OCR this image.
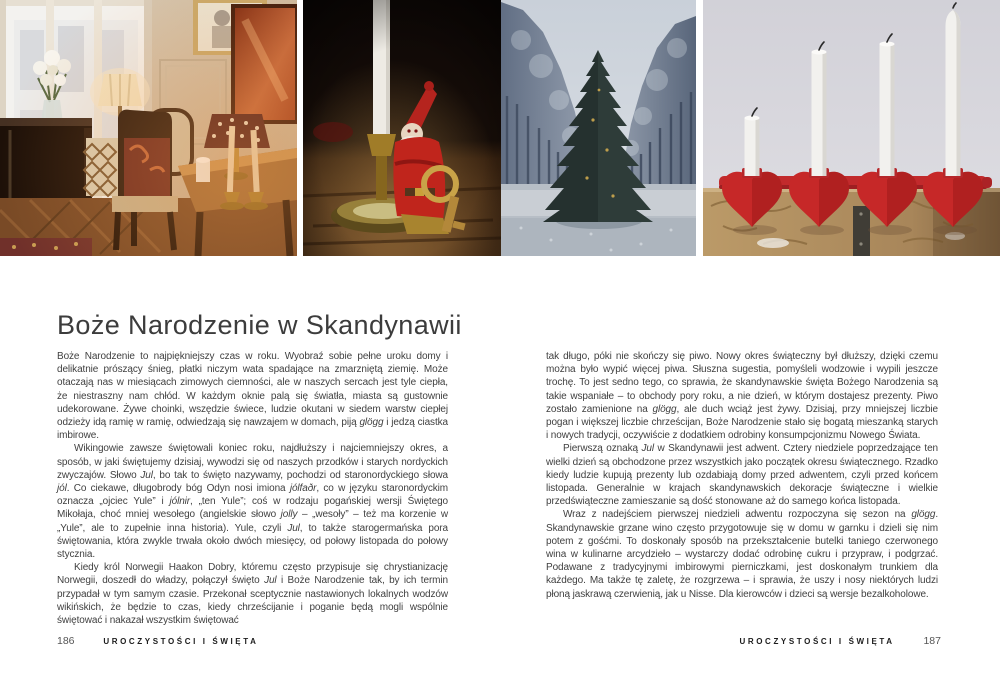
Boże Narodzenie w Skandynawii

Boże Narodzenie to najpiękniejszy czas w roku. Wyobraź sobie pełne uroku domy i delikatnie prószący śnieg, płatki niczym wata spadające na zmarzniętą ziemię. Może otaczają nas w miesiącach zimowych ciemności, ale w naszych sercach jest tyle ciepła, że niestraszny nam chłód. W każdym oknie palą się światła, miasta są gustownie udekorowane. Żywe choinki, wszędzie świece, ludzie okutani w siedem warstw ciepłej odzieży idą ramię w ramię, odwiedzają się nawzajem w domach, piją glögg i jedzą ciastka imbirowe.

Wikingowie zawsze świętowali koniec roku, najdłuższy i najciemniejszy okres, a sposób, w jaki świętujemy dzisiaj, wywodzi się od naszych przodków i starych nordyckich zwyczajów. Słowo Jul, bo tak to święto nazywamy, pochodzi od staronordyckiego słowa jól. Co ciekawe, długobrody bóg Odyn nosi imiona jólfaðr, co w języku staronordyckim oznacza „ojciec Yule” i jólnir, „ten Yule”; coś w rodzaju pogańskiej wersji Świętego Mikołaja, choć mniej wesołego (angielskie słowo jolly – „wesoły” – też ma korzenie w „Yule”, ale to zupełnie inna historia). Yule, czyli Jul, to także starogermańska pora świętowania, która zwykle trwała około dwóch miesięcy, od połowy listopada do połowy stycznia.

Kiedy król Norwegii Haakon Dobry, któremu często przypisuje się chrystianizację Norwegii, doszedł do władzy, połączył święto Jul i Boże Narodzenie tak, by ich termin przypadał w tym samym czasie. Przekonał sceptycznie nastawionych lokalnych wodzów wikińskich, że będzie to czas, kiedy chrześcijanie i poganie będą mogli wspólnie świętować i nakazał wszystkim świętować

tak długo, póki nie skończy się piwo. Nowy okres świąteczny był dłuższy, dzięki czemu można było wypić więcej piwa. Słuszna sugestia, pomyśleli wodzowie i wypili jeszcze trochę. To jest sedno tego, co sprawia, że skandynawskie święta Bożego Narodzenia są takie wspaniałe – to obchody pory roku, a nie dzień, w którym dostajesz prezenty. Piwo zostało zamienione na glögg, ale duch wciąż jest żywy. Dzisiaj, przy mniejszej liczbie pogan i większej liczbie chrześcijan, Boże Narodzenie stało się bogatą mieszanką starych i nowych tradycji, oczywiście z dodatkiem odrobiny konsumpcjonizmu Nowego Świata.

Pierwszą oznaką Jul w Skandynawii jest adwent. Cztery niedziele poprzedzające ten wielki dzień są obchodzone przez wszystkich jako początek okresu świątecznego. Rzadko kiedy ludzie kupują prezenty lub ozdabiają domy przed adwentem, czyli przed końcem listopada. Generalnie w krajach skandynawskich dekoracje świąteczne i wielkie przedświąteczne zamieszanie są dość stonowane aż do samego końca listopada.

Wraz z nadejściem pierwszej niedzieli adwentu rozpoczyna się sezon na glögg. Skandynawskie grzane wino często przygotowuje się w domu w garnku i dzieli się nim potem z gośćmi. To doskonały sposób na przekształcenie butelki taniego czerwonego wina w kulinarne arcydzieło – wystarczy dodać odrobinę cukru i przypraw, i podgrzać. Podawane z tradycyjnymi imbirowymi pierniczkami, jest doskonałym trunkiem dla każdego. Ma także tę zaletę, że rozgrzewa – i sprawia, że uszy i nosy niektórych ludzi płoną jaskrawą czerwienią, jak u Nisse. Dla kierowców i dzieci są wersje bezalkoholowe.

186	UROCZYSTOŚCI I ŚWIĘTA	UROCZYSTOŚCI I ŚWIĘTA	187
